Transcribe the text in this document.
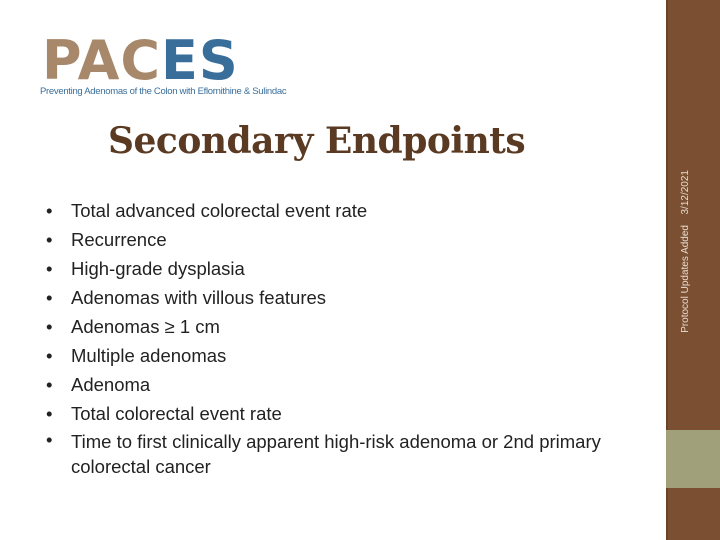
PACES
Preventing Adenomas of the Colon with Eflornithine & Sulindac
Secondary Endpoints
•	Total advanced colorectal event rate
•	Recurrence
•	High-grade dysplasia
•	Adenomas with villous features
•	Adenomas ≥ 1 cm
•	Multiple adenomas
•	Adenoma
•	Total colorectal event rate
•	Time to first clinically apparent high-risk adenoma or 2nd primary colorectal cancer
3/12/2021
Protocol Updates Added
